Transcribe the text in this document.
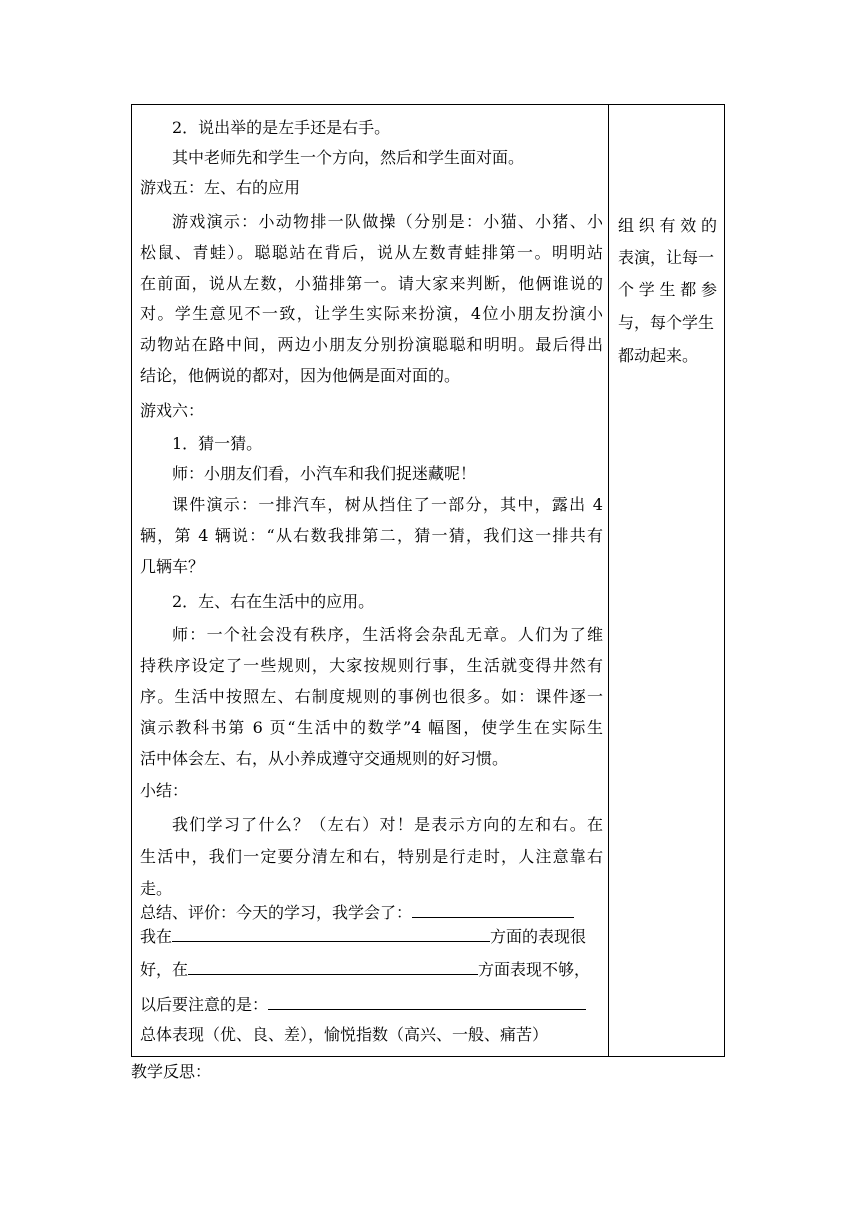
2．说出举的是左手还是右手。
其中老师先和学生一个方向，然后和学生面对面。
游戏五：左、右的应用
游戏演示：小动物排一队做操（分别是：小猫、小猪、小
松鼠、青蛙）。聪聪站在背后，说从左数青蛙排第一。明明站
在前面，说从左数，小猫排第一。请大家来判断，他俩谁说的
对。学生意见不一致，让学生实际来扮演，4位小朋友扮演小
动物站在路中间，两边小朋友分别扮演聪聪和明明。最后得出
结论，他俩说的都对，因为他俩是面对面的。
游戏六：
1．猜一猜。
师：小朋友们看，小汽车和我们捉迷藏呢！
课件演示：一排汽车，树从挡住了一部分，其中，露出 4
辆，第 4 辆说：“从右数我排第二，猜一猜，我们这一排共有
几辆车？
2．左、右在生活中的应用。
师：一个社会没有秩序，生活将会杂乱无章。人们为了维
持秩序设定了一些规则，大家按规则行事，生活就变得井然有
序。生活中按照左、右制度规则的事例也很多。如：课件逐一
演示教科书第 6 页“生活中的数学”4 幅图，使学生在实际生
活中体会左、右，从小养成遵守交通规则的好习惯。
小结：
我们学习了什么？（左右）对！是表示方向的左和右。在
生活中，我们一定要分清左和右，特别是行走时，人注意靠右
走。
总结、评价：今天的学习，我学会了：
我在	方面的表现很
好，在	方面表现不够，
以后要注意的是：
总体表现（优、良、差），愉悦指数（高兴、一般、痛苦）
组织有效的
表演，让每一
个学生都参
与，每个学生
都动起来。
教学反思：
